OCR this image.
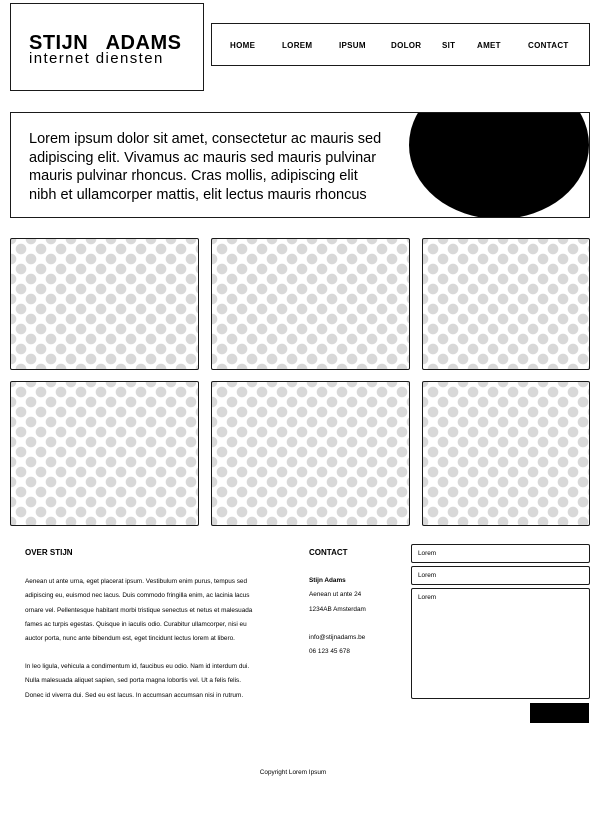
STIJN   ADAMS
internet diensten
HOME	LOREM	IPSUM	DOLOR	SIT	AMET	CONTACT
Lorem ipsum dolor sit amet, consectetur ac mauris sed adipiscing elit. Vivamus ac mauris sed mauris pulvinar mauris pulvinar rhoncus. Cras mollis, adipiscing elit nibh et ullamcorper mattis, elit lectus mauris rhoncus
OVER STIJN
Aenean ut ante urna, eget placerat ipsum. Vestibulum enim purus, tempus sed
adipiscing eu, euismod nec lacus. Duis commodo fringilla enim, ac lacinia lacus
ornare vel. Pellentesque habitant morbi tristique senectus et netus et malesuada
fames ac turpis egestas. Quisque in iaculis odio. Curabitur ullamcorper, nisi eu
auctor porta, nunc ante bibendum est, eget tincidunt lectus lorem at libero.
In leo ligula, vehicula a condimentum id, faucibus eu odio. Nam id interdum dui.
Nulla malesuada aliquet sapien, sed porta magna lobortis vel. Ut a felis felis.
Donec id viverra dui. Sed eu est lacus. In accumsan accumsan nisi in rutrum.
CONTACT
Stijn Adams
Aenean ut ante 24
1234AB Amsterdam
info@stijnadams.be
06 123 45 678
Lorem
Lorem
Lorem
Copyright Lorem Ipsum
